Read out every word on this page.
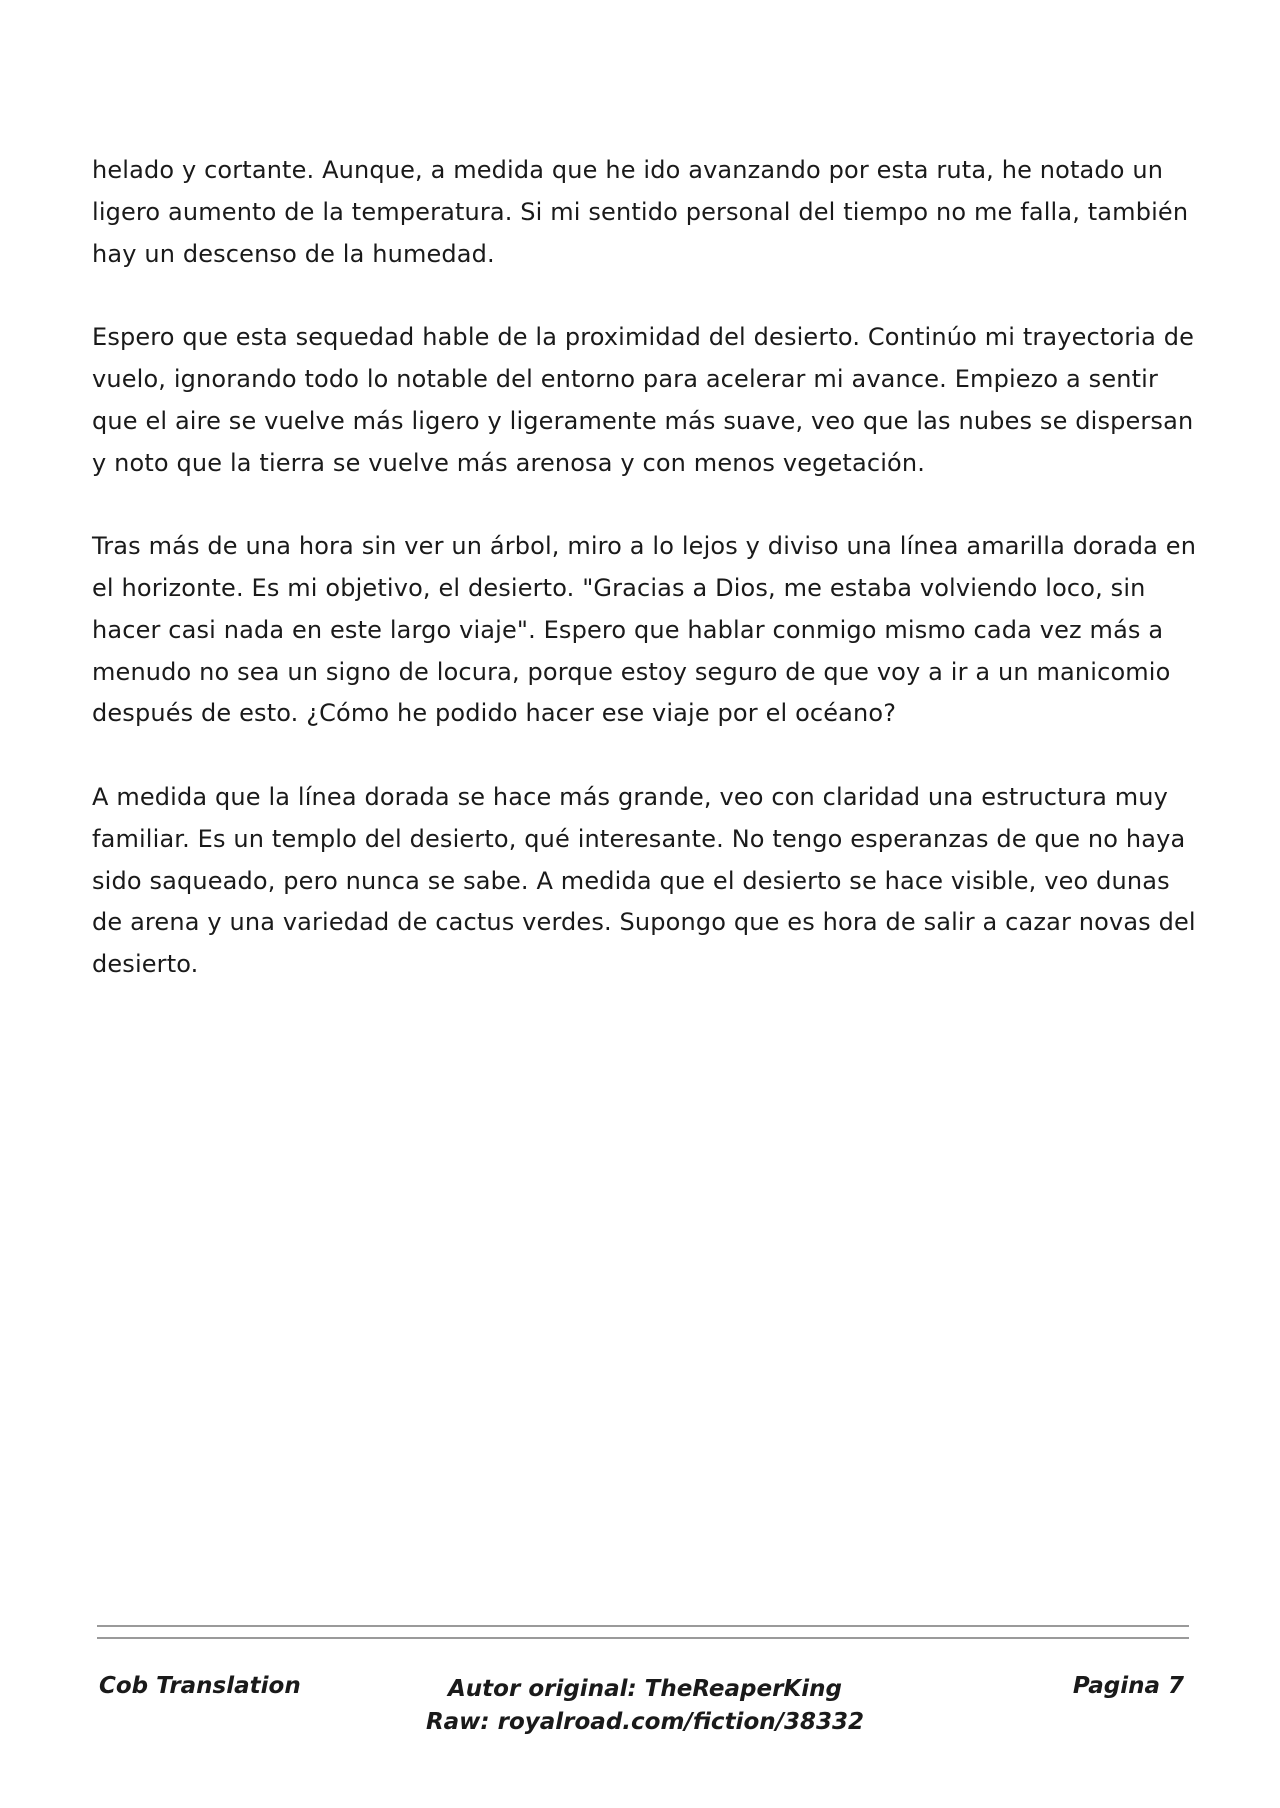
helado y cortante. Aunque, a medida que he ido avanzando por esta ruta, he notado un ligero aumento de la temperatura. Si mi sentido personal del tiempo no me falla, también hay un descenso de la humedad.

Espero que esta sequedad hable de la proximidad del desierto. Continúo mi trayectoria de vuelo, ignorando todo lo notable del entorno para acelerar mi avance. Empiezo a sentir que el aire se vuelve más ligero y ligeramente más suave, veo que las nubes se dispersan y noto que la tierra se vuelve más arenosa y con menos vegetación.

Tras más de una hora sin ver un árbol, miro a lo lejos y diviso una línea amarilla dorada en el horizonte. Es mi objetivo, el desierto. "Gracias a Dios, me estaba volviendo loco, sin hacer casi nada en este largo viaje". Espero que hablar conmigo mismo cada vez más a menudo no sea un signo de locura, porque estoy seguro de que voy a ir a un manicomio después de esto. ¿Cómo he podido hacer ese viaje por el océano?

A medida que la línea dorada se hace más grande, veo con claridad una estructura muy familiar. Es un templo del desierto, qué interesante. No tengo esperanzas de que no haya sido saqueado, pero nunca se sabe. A medida que el desierto se hace visible, veo dunas de arena y una variedad de cactus verdes. Supongo que es hora de salir a cazar novas del desierto.

Cob Translation	Autor original: TheReaperKing
Raw: royalroad.com/fiction/38332
Pagina 7
